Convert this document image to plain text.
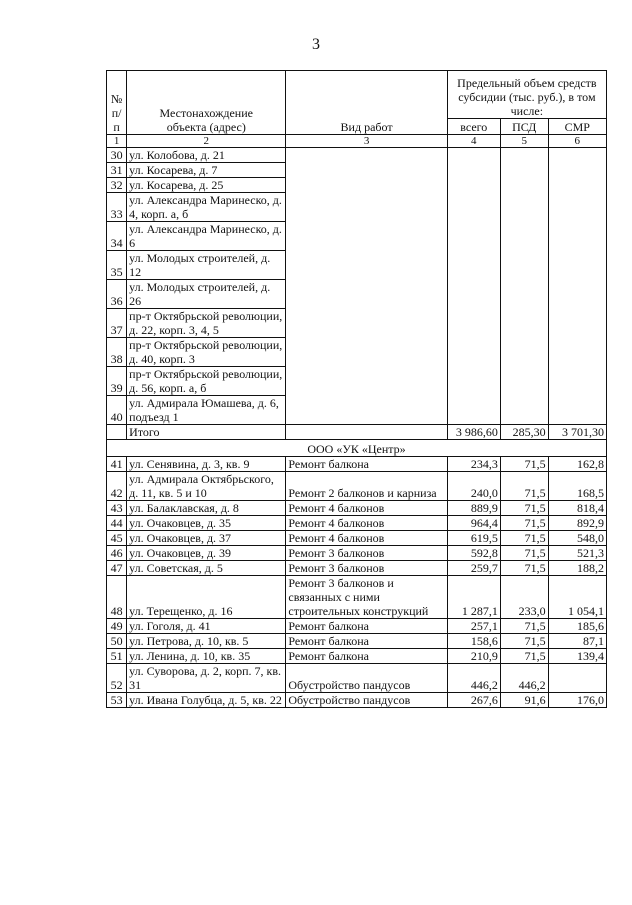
3
№ п/п	Местонахождение объекта (адрес)	Вид работ	Предельный объем средств субсидии (тыс. руб.), в том числе:		
			всего	ПСД	СМР
1	2	3	4	5	6
30	ул. Колобова, д. 21				
31	ул. Косарева, д. 7				
32	ул. Косарева, д. 25				
33	ул. Александра Маринеско, д. 4, корп. а, б				
34	ул. Александра Маринеско, д. 6				
35	ул. Молодых строителей, д. 12				
36	ул. Молодых строителей, д. 26				
37	пр-т Октябрьской революции, д. 22, корп. 3, 4, 5				
38	пр-т Октябрьской революции, д. 40, корп. 3				
39	пр-т Октябрьской революции, д. 56, корп. а, б				
40	ул. Адмирала Юмашева, д. 6, подъезд 1				
	Итого		3 986,60	285,30	3 701,30
ООО «УК «Центр»					
41	ул. Сенявина, д. 3, кв. 9	Ремонт балкона	234,3	71,5	162,8
42	ул. Адмирала Октябрьского, д. 11, кв. 5 и 10	Ремонт 2 балконов и карниза	240,0	71,5	168,5
43	ул. Балаклавская, д. 8	Ремонт 4 балконов	889,9	71,5	818,4
44	ул. Очаковцев, д. 35	Ремонт 4 балконов	964,4	71,5	892,9
45	ул. Очаковцев, д. 37	Ремонт 4 балконов	619,5	71,5	548,0
46	ул. Очаковцев, д. 39	Ремонт 3 балконов	592,8	71,5	521,3
47	ул. Советская, д. 5	Ремонт 3 балконов	259,7	71,5	188,2
48	ул. Терещенко, д. 16	Ремонт 3 балконов и связанных с ними строительных конструкций	1 287,1	233,0	1 054,1
49	ул. Гоголя, д. 41	Ремонт балкона	257,1	71,5	185,6
50	ул. Петрова, д. 10, кв. 5	Ремонт балкона	158,6	71,5	87,1
51	ул. Ленина, д. 10, кв. 35	Ремонт балкона	210,9	71,5	139,4
52	ул. Суворова, д. 2, корп. 7, кв. 31	Обустройство пандусов	446,2	446,2	
53	ул. Ивана Голубца, д. 5, кв. 22	Обустройство пандусов	267,6	91,6	176,0
